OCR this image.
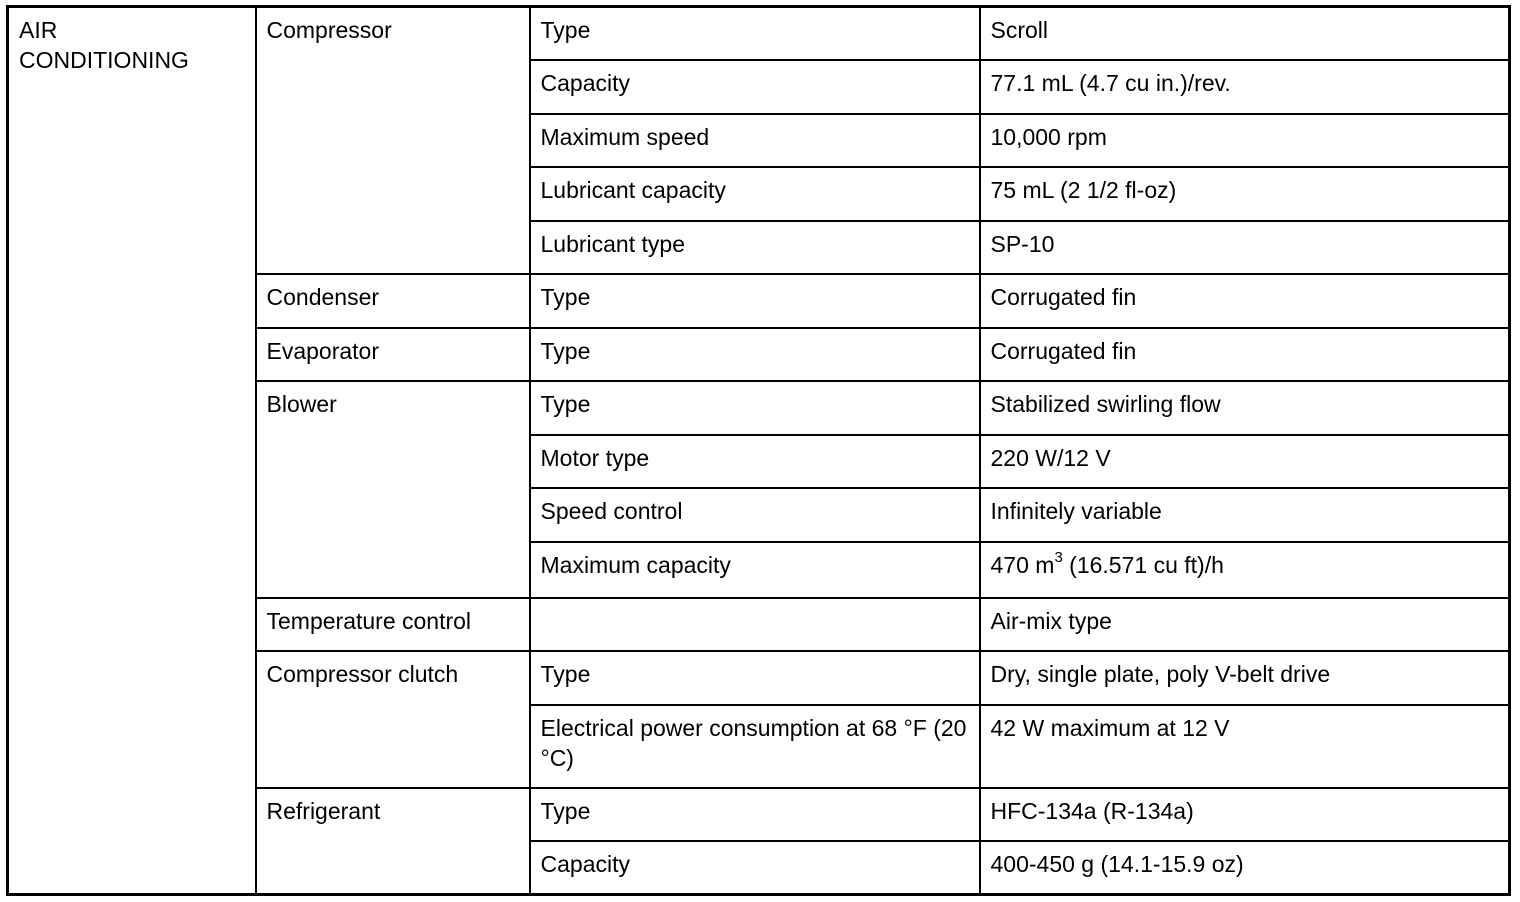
AIR
CONDITIONING	Compressor	Type	Scroll
		Capacity	77.1 mL (4.7 cu in.)/rev.
		Maximum speed	10,000 rpm
		Lubricant capacity	75 mL (2 1/2 fl-oz)
		Lubricant type	SP-10
	Condenser	Type	Corrugated fin
	Evaporator	Type	Corrugated fin
	Blower	Type	Stabilized swirling flow
		Motor type	220 W/12 V
		Speed control	Infinitely variable
		Maximum capacity	470 $m^3$ (16.571 cu ft)/h
	Temperature control		Air-mix type
	Compressor clutch	Type	Dry, single plate, poly V-belt drive
		Electrical power consumption at 68 °F (20 °C)	42 W maximum at 12 V
	Refrigerant	Type	HFC-134a (R-134a)
		Capacity	400-450 g (14.1-15.9 oz)
